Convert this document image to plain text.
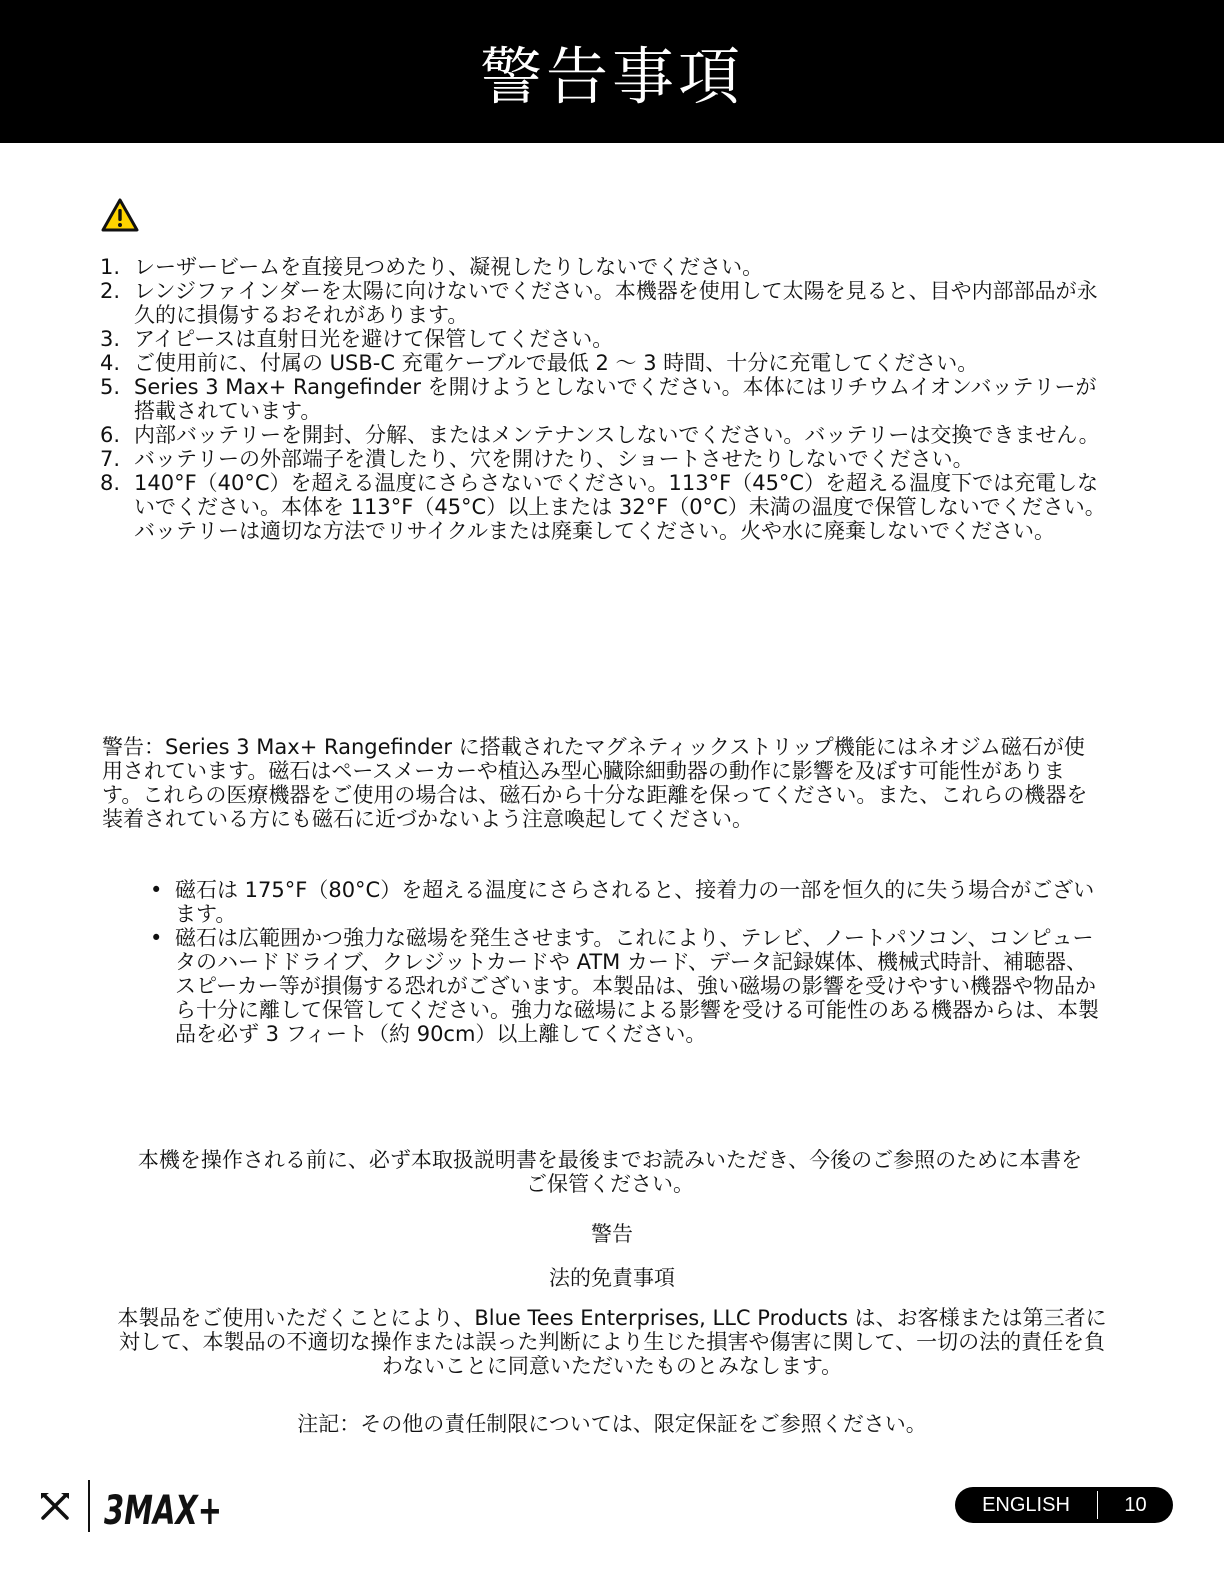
警告事項
1. レーザービームを直接見つめたり、凝視したりしないでください。
2. レンジファインダーを太陽に向けないでください。本機器を使用して太陽を見ると、目や内部部品が永久的に損傷するおそれがあります。
3. アイピースは直射日光を避けて保管してください。
4. ご使用前に、付属の USB-C 充電ケーブルで最低 2 〜 3 時間、十分に充電してください。
5. Series 3 Max+ Rangefinder を開けようとしないでください。本体にはリチウムイオンバッテリーが搭載されています。
6. 内部バッテリーを開封、分解、またはメンテナンスしないでください。バッテリーは交換できません。
7. バッテリーの外部端子を潰したり、穴を開けたり、ショートさせたりしないでください。
8. 140°F（40°C）を超える温度にさらさないでください。113°F（45°C）を超える温度下では充電しないでください。本体を 113°F（45°C）以上または 32°F（0°C）未満の温度で保管しないでください。バッテリーは適切な方法でリサイクルまたは廃棄してください。火や水に廃棄しないでください。

警告：Series 3 Max+ Rangefinder に搭載されたマグネティックストリップ機能にはネオジム磁石が使用されています。磁石はペースメーカーや植込み型心臓除細動器の動作に影響を及ぼす可能性があります。これらの医療機器をご使用の場合は、磁石から十分な距離を保ってください。また、これらの機器を装着されている方にも磁石に近づかないよう注意喚起してください。

• 磁石は 175°F（80°C）を超える温度にさらされると、接着力の一部を恒久的に失う場合がございます。
• 磁石は広範囲かつ強力な磁場を発生させます。これにより、テレビ、ノートパソコン、コンピュータのハードドライブ、クレジットカードや ATM カード、データ記録媒体、機械式時計、補聴器、スピーカー等が損傷する恐れがございます。本製品は、強い磁場の影響を受けやすい機器や物品から十分に離して保管してください。強力な磁場による影響を受ける可能性のある機器からは、本製品を必ず 3 フィート（約 90cm）以上離してください。

本機を操作される前に、必ず本取扱説明書を最後までお読みいただき、今後のご参照のために本書をご保管ください。

警告

法的免責事項

本製品をご使用いただくことにより、Blue Tees Enterprises, LLC Products は、お客様または第三者に対して、本製品の不適切な操作または誤った判断により生じた損害や傷害に関して、一切の法的責任を負わないことに同意いただいたものとみなします。

注記：その他の責任制限については、限定保証をご参照ください。

3MAX+	ENGLISH	10
